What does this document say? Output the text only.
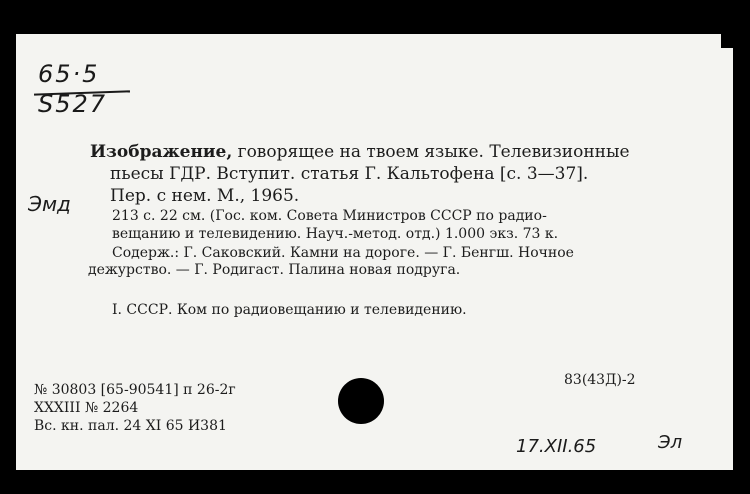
65·5
S527
Эмд
Изображение, говорящее на твоем языке. Телевизионные
пьесы ГДР. Вступит. статья Г. Кальтофена [с. 3—37].
Пер. с нем. М., 1965.
213 с. 22 см. (Гос. ком. Совета Министров СССР по радио-
вещанию и телевидению. Науч.-метод. отд.) 1.000 экз. 73 к.
Содерж.: Г. Саковский. Камни на дороге. — Г. Бенгш. Ночное
дежурство. — Г. Родигаст. Палина новая подруга.
I. СССР. Ком по радиовещанию и телевидению.
83(43Д)-2
№ 30803 [65-90541] п 26-2г
XXXIII № 2264
Вс. кн. пал. 24 XI 65 И381
17.XII.65	Эл
